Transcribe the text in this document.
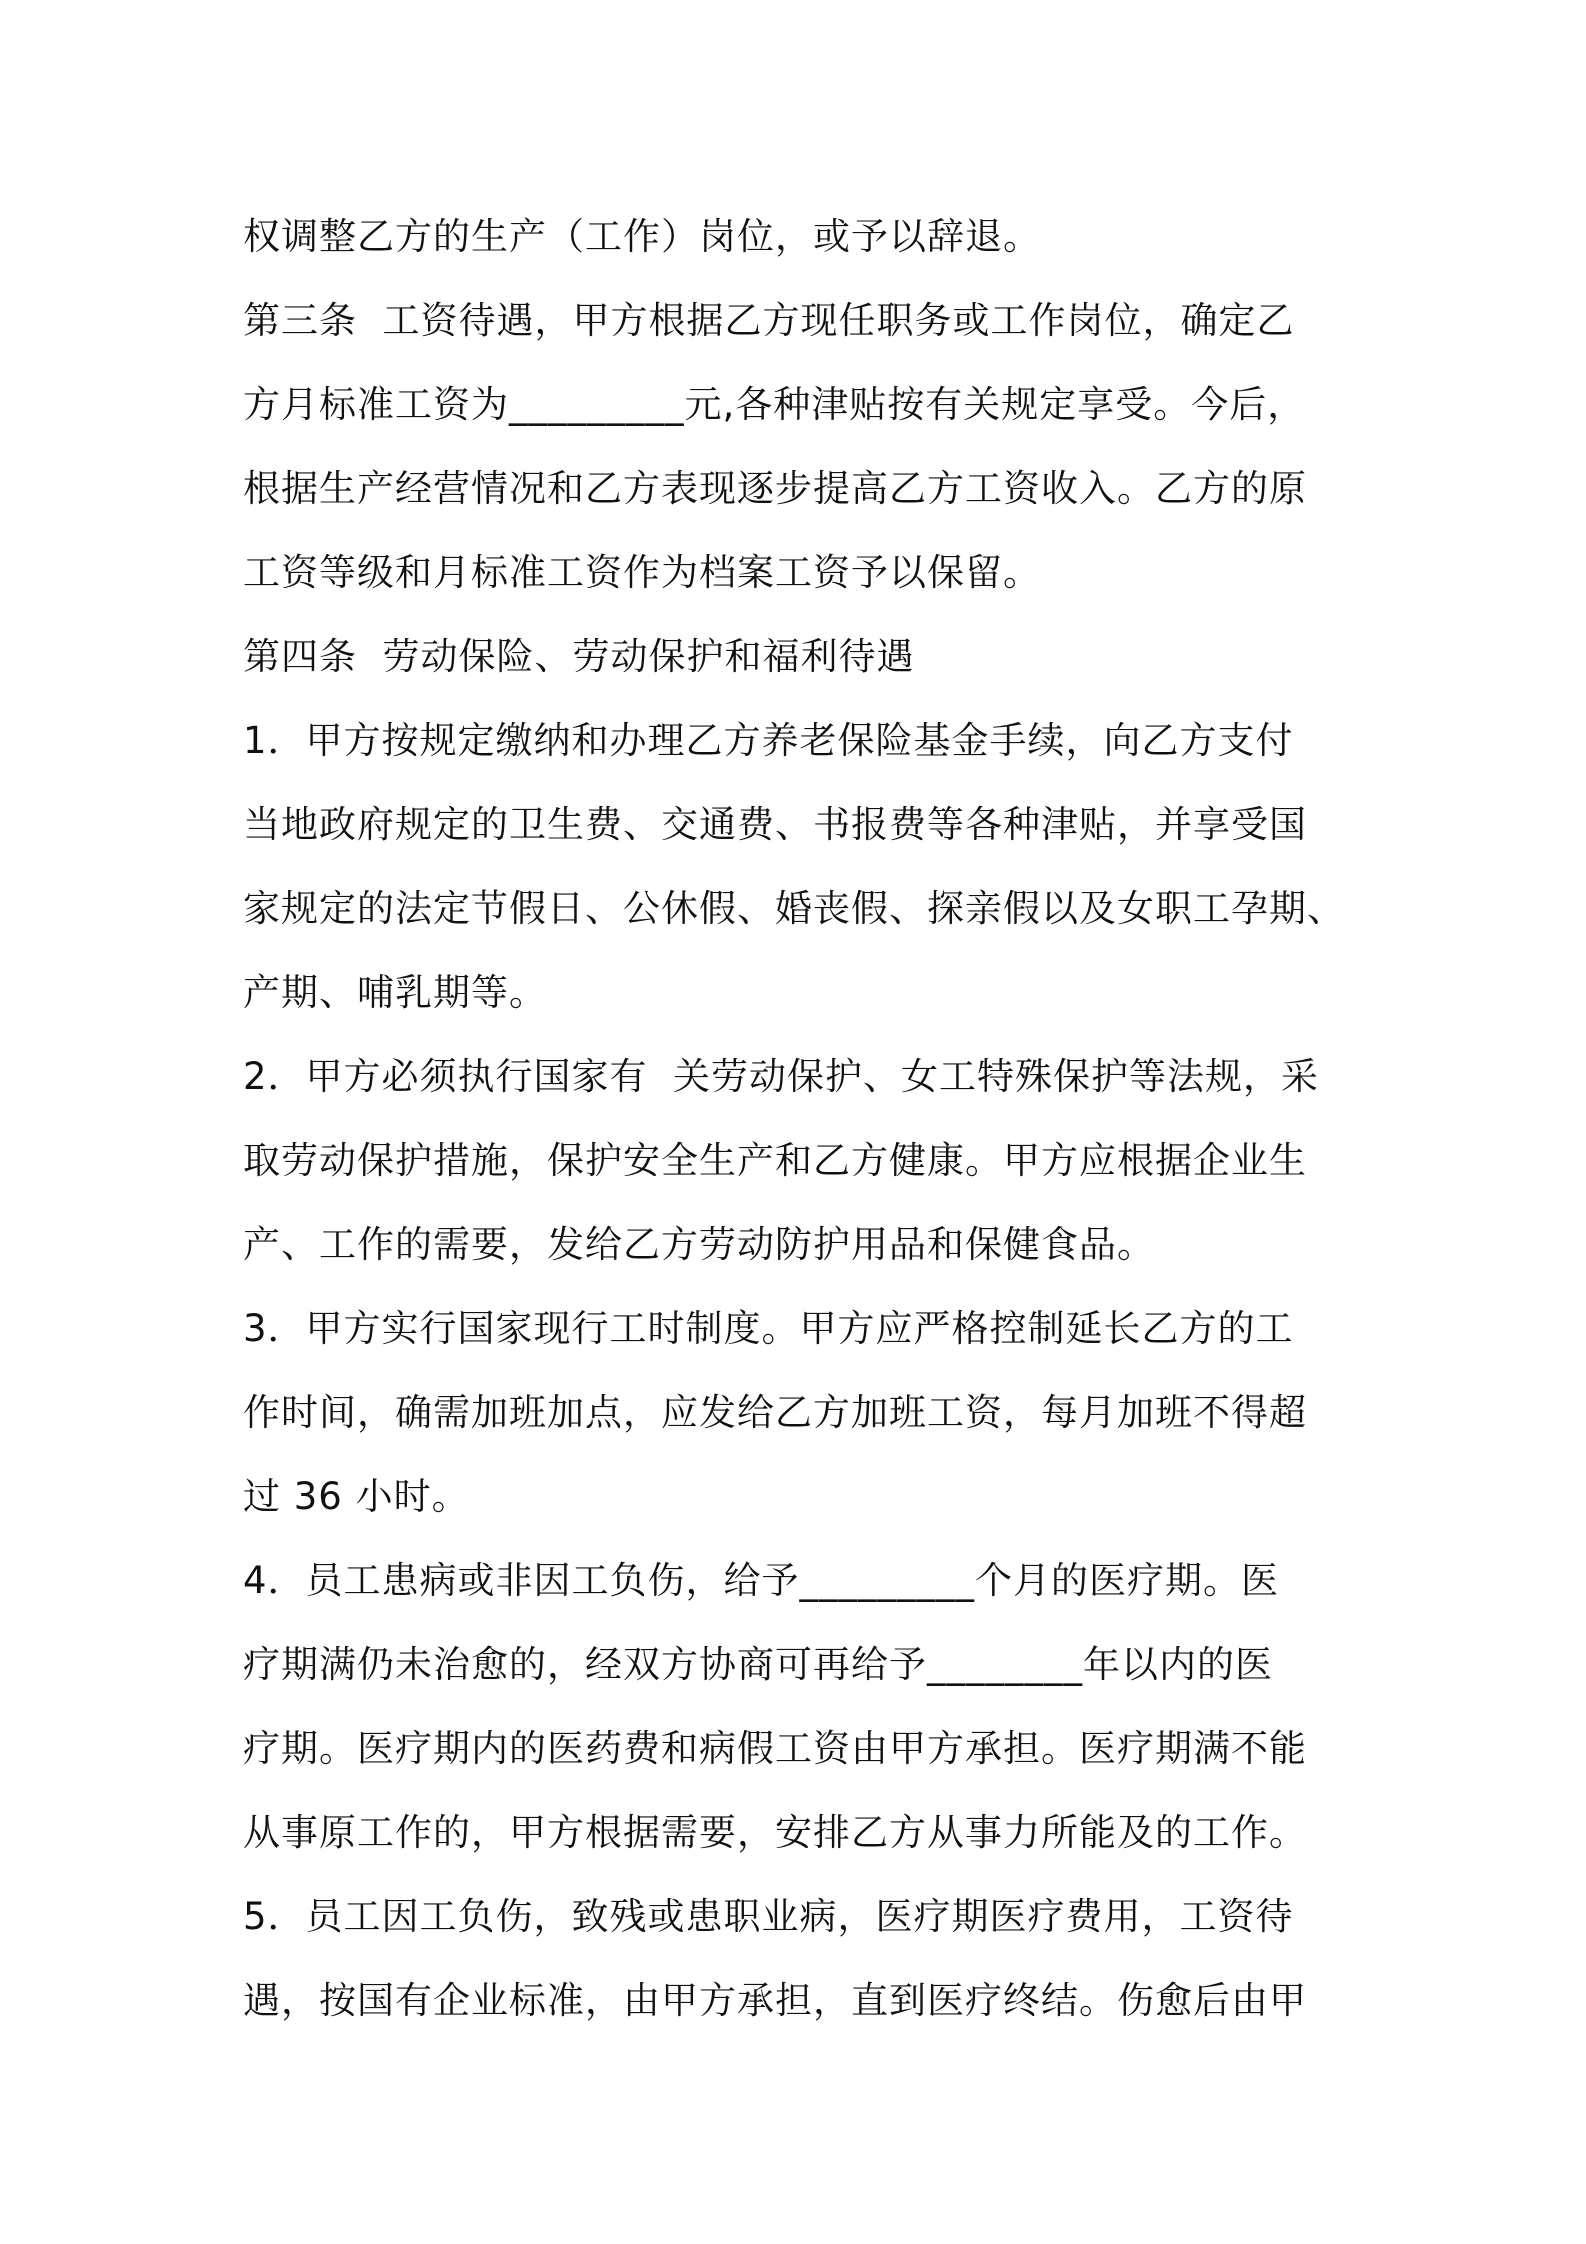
权调整乙方的生产（工作）岗位，或予以辞退。

第三条  工资待遇，甲方根据乙方现任职务或工作岗位，确定乙

方月标准工资为_________元,各种津贴按有关规定享受。今后，

根据生产经营情况和乙方表现逐步提高乙方工资收入。乙方的原

工资等级和月标准工资作为档案工资予以保留。

第四条  劳动保险、劳动保护和福利待遇

1．甲方按规定缴纳和办理乙方养老保险基金手续，向乙方支付

当地政府规定的卫生费、交通费、书报费等各种津贴，并享受国

家规定的法定节假日、公休假、婚丧假、探亲假以及女职工孕期、

产期、哺乳期等。

2．甲方必须执行国家有  关劳动保护、女工特殊保护等法规，采

取劳动保护措施，保护安全生产和乙方健康。甲方应根据企业生

产、工作的需要，发给乙方劳动防护用品和保健食品。

3．甲方实行国家现行工时制度。甲方应严格控制延长乙方的工

作时间，确需加班加点，应发给乙方加班工资，每月加班不得超

过 36 小时。

4．员工患病或非因工负伤，给予_________个月的医疗期。医

疗期满仍未治愈的，经双方协商可再给予________年以内的医

疗期。医疗期内的医药费和病假工资由甲方承担。医疗期满不能

从事原工作的，甲方根据需要，安排乙方从事力所能及的工作。

5．员工因工负伤，致残或患职业病，医疗期医疗费用，工资待

遇，按国有企业标准，由甲方承担，直到医疗终结。伤愈后由甲
